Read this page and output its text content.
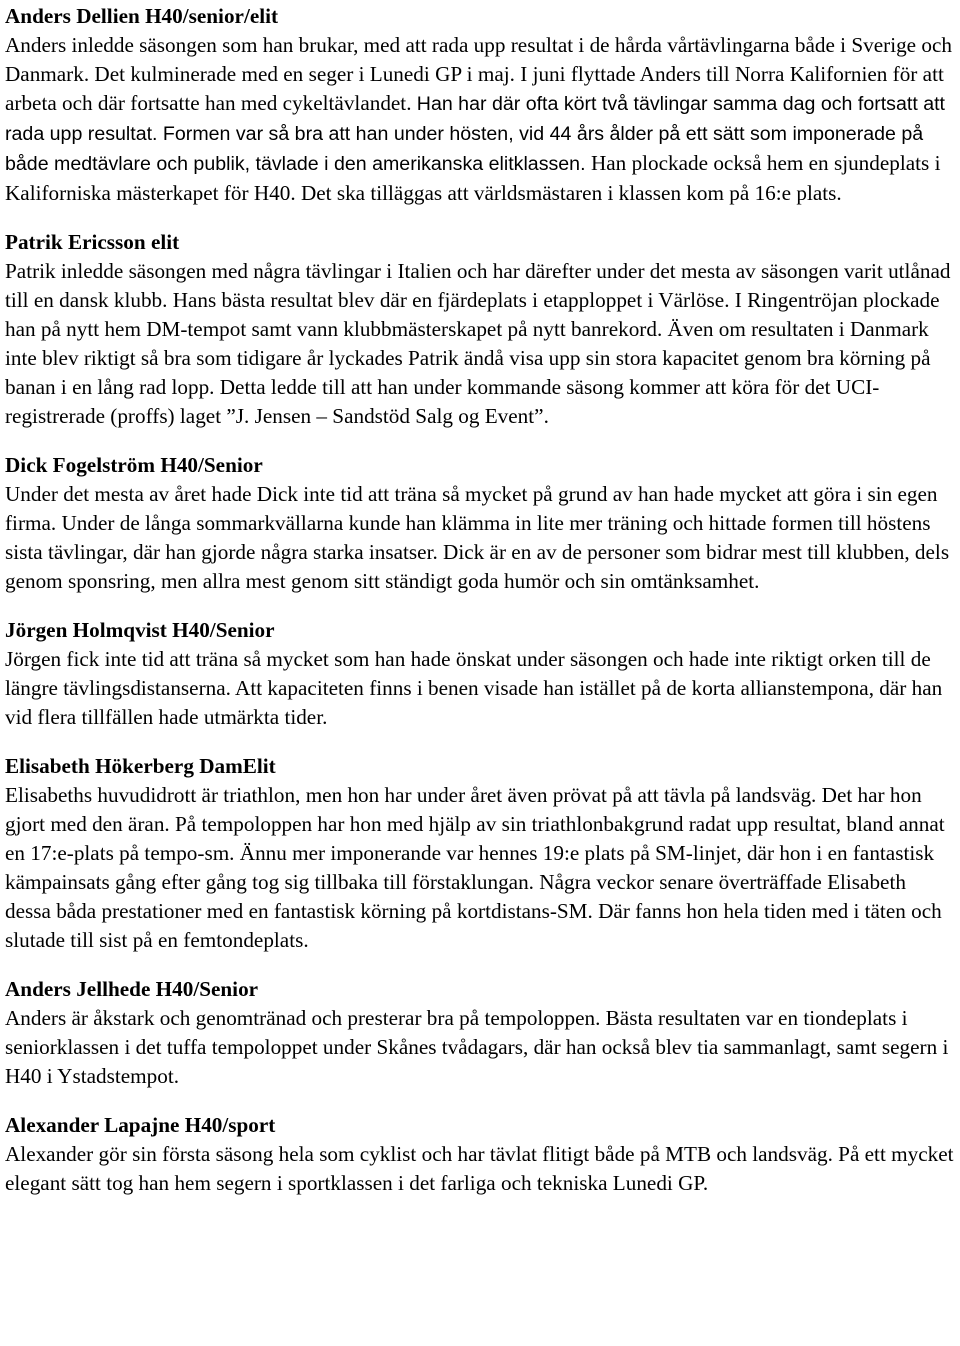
Anders Dellien H40/senior/elit

Anders inledde säsongen som han brukar, med att rada upp resultat i de hårda vårtävlingarna både i Sverige och Danmark. Det kulminerade med en seger i Lunedi GP i maj. I juni flyttade Anders till Norra Kalifornien för att arbeta och där fortsatte han med cykeltävlandet. Han har där ofta kört två tävlingar samma dag och fortsatt att rada upp resultat. Formen var så bra att han under hösten, vid 44 års ålder på ett sätt som imponerade på både medtävlare och publik, tävlade i den amerikanska elitklassen. Han plockade också hem en sjundeplats i Kaliforniska mästerkapet för H40. Det ska tilläggas att världsmästaren i klassen kom på 16:e plats.

Patrik Ericsson elit

Patrik inledde säsongen med några tävlingar i Italien och har därefter under det mesta av säsongen varit utlånad till en dansk klubb. Hans bästa resultat blev där en fjärdeplats i etapploppet i Värlöse. I Ringentröjan plockade han på nytt hem DM-tempot samt vann klubbmästerskapet på nytt banrekord. Även om resultaten i Danmark inte blev riktigt så bra som tidigare år lyckades Patrik ändå visa upp sin stora kapacitet genom bra körning på banan i en lång rad lopp. Detta ledde till att han under kommande säsong kommer att köra för det UCI-registrerade (proffs) laget ”J. Jensen – Sandstöd Salg og Event”.

Dick Fogelström H40/Senior

Under det mesta av året hade Dick inte tid att träna så mycket på grund av han hade mycket att göra i sin egen firma. Under de långa sommarkvällarna kunde han klämma in lite mer träning och hittade formen till höstens sista tävlingar, där han gjorde några starka insatser. Dick är en av de personer som bidrar mest till klubben, dels genom sponsring, men allra mest genom sitt ständigt goda humör och sin omtänksamhet.

Jörgen Holmqvist H40/Senior

Jörgen fick inte tid att träna så mycket som han hade önskat under säsongen och hade inte riktigt orken till de längre tävlingsdistanserna. Att kapaciteten finns i benen visade han istället på de korta allianstempona, där han vid flera tillfällen hade utmärkta tider.

Elisabeth Hökerberg DamElit

Elisabeths huvudidrott är triathlon, men hon har under året även prövat på att tävla på landsväg. Det har hon gjort med den äran. På tempoloppen har hon med hjälp av sin triathlonbakgrund radat upp resultat, bland annat en 17:e-plats på tempo-sm. Ännu mer imponerande var hennes 19:e plats på SM-linjet, där hon i en fantastisk kämpainsats gång efter gång tog sig tillbaka till förstaklungan. Några veckor senare överträffade Elisabeth dessa båda prestationer med en fantastisk körning på kortdistans-SM. Där fanns hon hela tiden med i täten och slutade till sist på en femtondeplats.

Anders Jellhede H40/Senior

Anders är åkstark och genomtränad och presterar bra på tempoloppen. Bästa resultaten var en tiondeplats i seniorklassen i det tuffa tempoloppet under Skånes tvådagars, där han också blev tia sammanlagt, samt segern i H40 i Ystadstempot.

Alexander Lapajne H40/sport

Alexander gör sin första säsong hela som cyklist och har tävlat flitigt både på MTB och landsväg. På ett mycket elegant sätt tog han hem segern i sportklassen i det farliga och tekniska Lunedi GP.
